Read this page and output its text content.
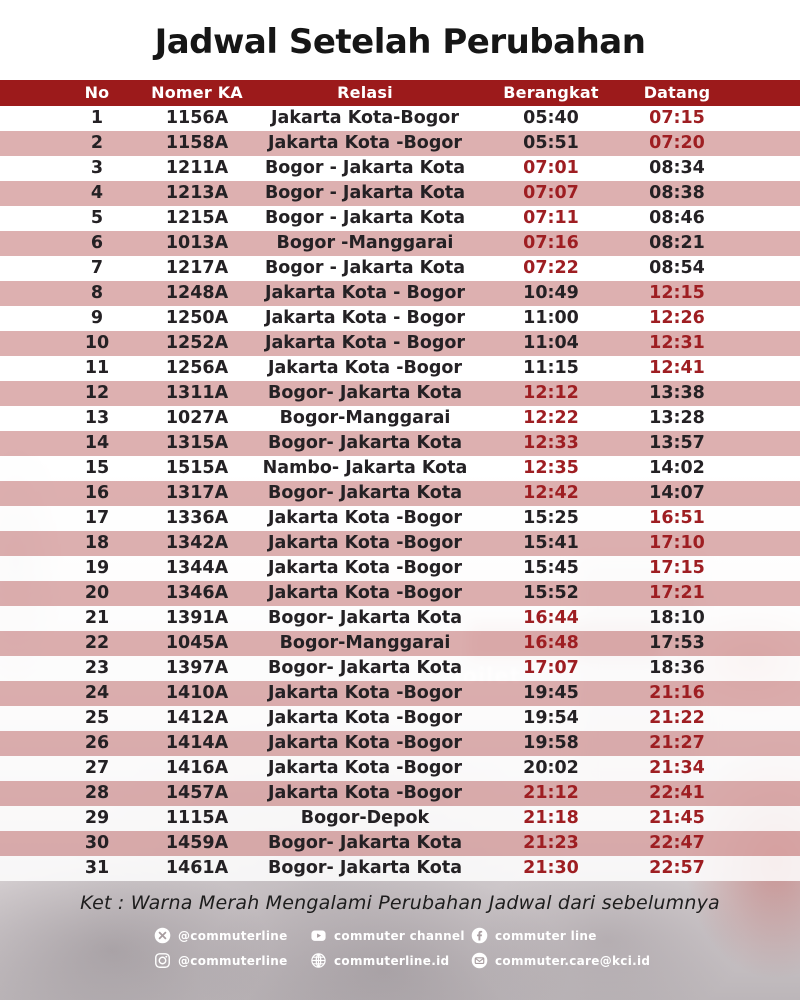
Jadwal Setelah Perubahan
No	Nomer KA	Relasi	Berangkat	Datang
1	1156A	Jakarta Kota-Bogor	05:40	07:15
2	1158A	Jakarta Kota -Bogor	05:51	07:20
3	1211A	Bogor - Jakarta Kota	07:01	08:34
4	1213A	Bogor - Jakarta Kota	07:07	08:38
5	1215A	Bogor - Jakarta Kota	07:11	08:46
6	1013A	Bogor -Manggarai	07:16	08:21
7	1217A	Bogor - Jakarta Kota	07:22	08:54
8	1248A	Jakarta Kota - Bogor	10:49	12:15
9	1250A	Jakarta Kota - Bogor	11:00	12:26
10	1252A	Jakarta Kota - Bogor	11:04	12:31
11	1256A	Jakarta Kota -Bogor	11:15	12:41
12	1311A	Bogor- Jakarta Kota	12:12	13:38
13	1027A	Bogor-Manggarai	12:22	13:28
14	1315A	Bogor- Jakarta Kota	12:33	13:57
15	1515A	Nambo- Jakarta Kota	12:35	14:02
16	1317A	Bogor- Jakarta Kota	12:42	14:07
17	1336A	Jakarta Kota -Bogor	15:25	16:51
18	1342A	Jakarta Kota -Bogor	15:41	17:10
19	1344A	Jakarta Kota -Bogor	15:45	17:15
20	1346A	Jakarta Kota -Bogor	15:52	17:21
21	1391A	Bogor- Jakarta Kota	16:44	18:10
22	1045A	Bogor-Manggarai	16:48	17:53
23	1397A	Bogor- Jakarta Kota	17:07	18:36
24	1410A	Jakarta Kota -Bogor	19:45	21:16
25	1412A	Jakarta Kota -Bogor	19:54	21:22
26	1414A	Jakarta Kota -Bogor	19:58	21:27
27	1416A	Jakarta Kota -Bogor	20:02	21:34
28	1457A	Jakarta Kota -Bogor	21:12	22:41
29	1115A	Bogor-Depok	21:18	21:45
30	1459A	Bogor- Jakarta Kota	21:23	22:47
31	1461A	Bogor- Jakarta Kota	21:30	22:57
Ket : Warna Merah Mengalami Perubahan Jadwal dari sebelumnya
@commuterline	commuter channel	commuter line
@commuterline	commuterline.id	commuter.care@kci.id
